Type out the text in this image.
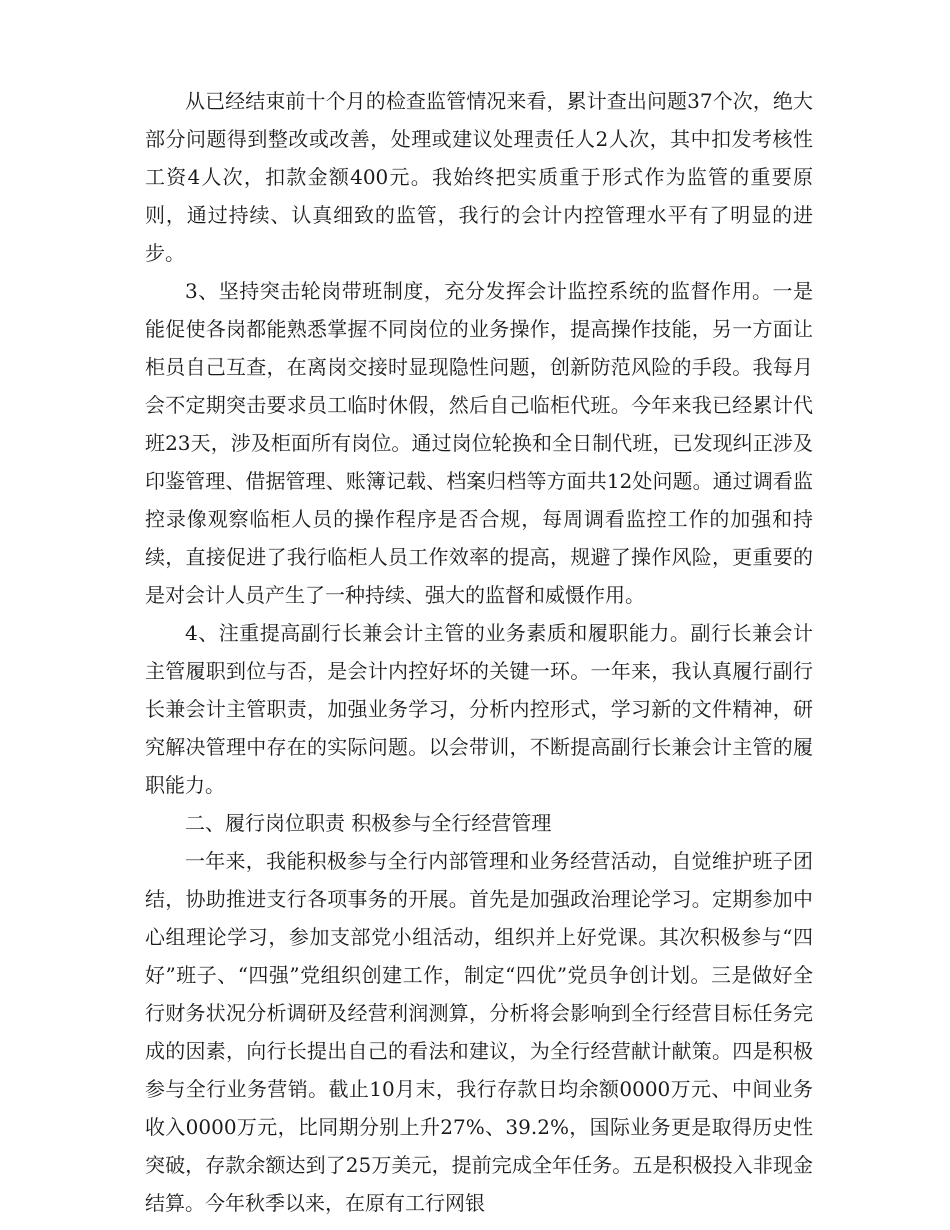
从已经结束前十个月的检查监管情况来看，累计查出问题37个次，绝大部分问题得到整改或改善，处理或建议处理责任人2人次，其中扣发考核性工资4人次，扣款金额400元。我始终把实质重于形式作为监管的重要原则，通过持续、认真细致的监管，我行的会计内控管理水平有了明显的进步。

3、坚持突击轮岗带班制度，充分发挥会计监控系统的监督作用。一是能促使各岗都能熟悉掌握不同岗位的业务操作，提高操作技能，另一方面让柜员自己互查，在离岗交接时显现隐性问题，创新防范风险的手段。我每月会不定期突击要求员工临时休假，然后自己临柜代班。今年来我已经累计代班23天，涉及柜面所有岗位。通过岗位轮换和全日制代班，已发现纠正涉及印鉴管理、借据管理、账簿记载、档案归档等方面共12处问题。通过调看监控录像观察临柜人员的操作程序是否合规，每周调看监控工作的加强和持续，直接促进了我行临柜人员工作效率的提高，规避了操作风险，更重要的是对会计人员产生了一种持续、强大的监督和威慑作用。

4、注重提高副行长兼会计主管的业务素质和履职能力。副行长兼会计主管履职到位与否，是会计内控好坏的关键一环。一年来，我认真履行副行长兼会计主管职责，加强业务学习，分析内控形式，学习新的文件精神，研究解决管理中存在的实际问题。以会带训，不断提高副行长兼会计主管的履职能力。

二、履行岗位职责 积极参与全行经营管理

一年来，我能积极参与全行内部管理和业务经营活动，自觉维护班子团结，协助推进支行各项事务的开展。首先是加强政治理论学习。定期参加中心组理论学习，参加支部党小组活动，组织并上好党课。其次积极参与“四好”班子、“四强”党组织创建工作，制定“四优”党员争创计划。三是做好全行财务状况分析调研及经营利润测算，分析将会影响到全行经营目标任务完成的因素，向行长提出自己的看法和建议，为全行经营献计献策。四是积极参与全行业务营销。截止10月末，我行存款日均余额0000万元、中间业务收入0000万元，比同期分别上升27%、39.2%，国际业务更是取得历史性突破，存款余额达到了25万美元，提前完成全年任务。五是积极投入非现金结算。今年秋季以来，在原有工行网银
